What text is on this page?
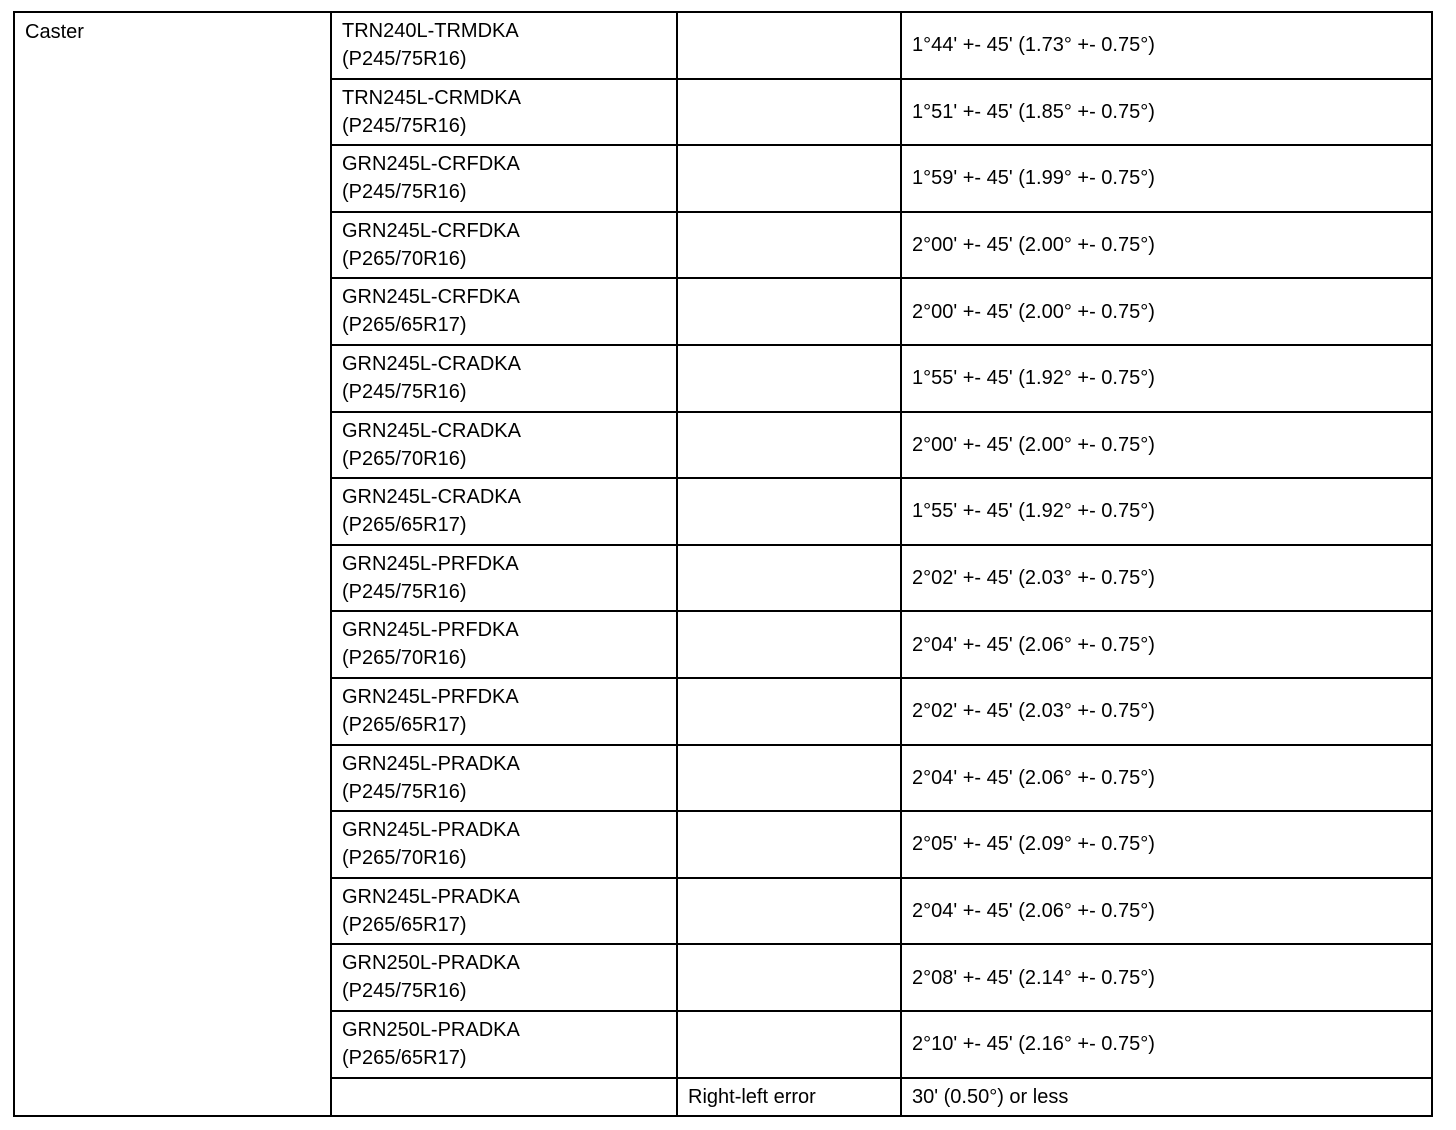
Caster	TRN240L-TRMDKA
(P245/75R16)		1°44' +- 45' (1.73° +- 0.75°)

	TRN245L-CRMDKA
(P245/75R16)		1°51' +- 45' (1.85° +- 0.75°)

	GRN245L-CRFDKA
(P245/75R16)		1°59' +- 45' (1.99° +- 0.75°)

	GRN245L-CRFDKA
(P265/70R16)		2°00' +- 45' (2.00° +- 0.75°)

	GRN245L-CRFDKA
(P265/65R17)		2°00' +- 45' (2.00° +- 0.75°)

	GRN245L-CRADKA
(P245/75R16)		1°55' +- 45' (1.92° +- 0.75°)

	GRN245L-CRADKA
(P265/70R16)		2°00' +- 45' (2.00° +- 0.75°)

	GRN245L-CRADKA
(P265/65R17)		1°55' +- 45' (1.92° +- 0.75°)

	GRN245L-PRFDKA
(P245/75R16)		2°02' +- 45' (2.03° +- 0.75°)

	GRN245L-PRFDKA
(P265/70R16)		2°04' +- 45' (2.06° +- 0.75°)

	GRN245L-PRFDKA
(P265/65R17)		2°02' +- 45' (2.03° +- 0.75°)

	GRN245L-PRADKA
(P245/75R16)		2°04' +- 45' (2.06° +- 0.75°)

	GRN245L-PRADKA
(P265/70R16)		2°05' +- 45' (2.09° +- 0.75°)

	GRN245L-PRADKA
(P265/65R17)		2°04' +- 45' (2.06° +- 0.75°)

	GRN250L-PRADKA
(P245/75R16)		2°08' +- 45' (2.14° +- 0.75°)

	GRN250L-PRADKA
(P265/65R17)		2°10' +- 45' (2.16° +- 0.75°)
		Right-left error	30' (0.50°) or less
